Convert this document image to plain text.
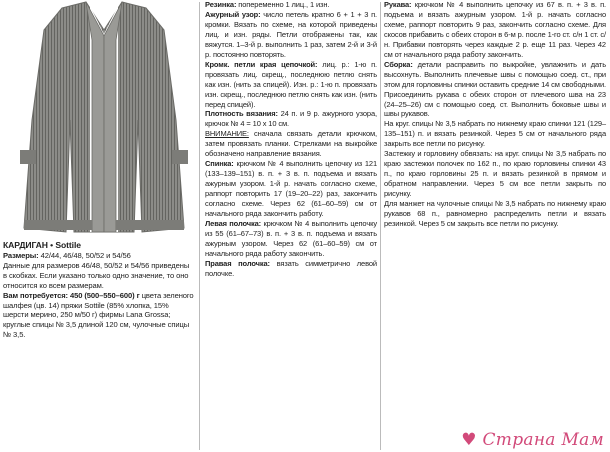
КАРДИГАН • Sottile

Размеры: 42/44, 46/48, 50/52 и 54/56

Данные для размеров 46/48, 50/52 и 54/56 приведены в скобках. Если указано только одно значение, то оно относится ко всем размерам.

Вам потребуется: 450 (500–550–600) г цвета зеленого шалфея (цв. 14) пряжи Sottile (85% хлопка, 15% шерсти мерино, 250 м/50 г) фирмы Lana Grossa; круглые спицы № 3,5 длиной 120 см, чулочные спицы № 3,5.

Резинка: попеременно 1 лиц., 1 изн.

Ажурный узор: число петель кратно 6 + 1 + 3 п. кромки. Вязать по схеме, на которой приведены лиц. и изн. ряды. Петли отображены так, как вяжутся. 1–3-й р. выполнить 1 раз, затем 2-й и 3-й р. постоянно повторять.

Кромк. петли края цепочкой: лиц. р.: 1-ю п. провязать лиц. скрещ., последнюю петлю снять как изн. (нить за спицей). Изн. р.: 1-ю п. провязать изн. скрещ., последнюю петлю снять как изн. (нить перед спицей).

Плотность вязания: 24 п. и 9 р. ажурного узора, крючок № 4 = 10 х 10 см.

ВНИМАНИЕ: сначала связать детали крючком, затем провязать планки. Стрелками на выкройке обозначено направление вязания.

Спинка: крючком № 4 выполнить цепочку из 121 (133–139–151) в. п. + 3 в. п. подъема и вязать ажурным узором. 1-й р. начать согласно схеме, раппорт повторить 17 (19–20–22) раз, закончить согласно схеме. Через 62 (61–60–59) см от начального ряда закончить работу.

Левая полочка: крючком № 4 выполнить цепочку из 55 (61–67–73) в. п. + 3 в. п. подъема и вязать ажурным узором. Через 62 (61–60–59) см от начального ряда работу закончить.

Правая полочка: вязать симметрично левой полочке.

Рукава: крючком № 4 выполнить цепочку из 67 в. п. + 3 в. п. подъема и вязать ажурным узором. 1-й р. начать согласно схеме, раппорт повторить 9 раз, закончить согласно схеме. Для скосов прибавить с обеих сторон в 6-м р. после 1-го ст. с/н 1 ст. с/н. Прибавки повторять через каждые 2 р. еще 11 раз. Через 42 см от начального ряда работу закончить.

Сборка: детали расправить по выкройке, увлажнить и дать высохнуть. Выполнить плечевые швы с помощью соед. ст., при этом для горловины спинки оставить средние 14 см свободными. Присоединить рукава с обеих сторон от плечевого шва на 23 (24–25–26) см с помощью соед. ст. Выполнить боковые швы и швы рукавов.

На круг. спицы № 3,5 набрать по нижнему краю спинки 121 (129–135–151) п. и вязать резинкой. Через 5 см от начального ряда закрыть все петли по рисунку.

Застежку и горловину обвязать: на круг. спицы № 3,5 набрать по краю застежки полочек по 162 п., по краю горловины спинки 43 п., по краю горловины 25 п. и вязать резинкой в прямом и обратном направлении. Через 5 см все петли закрыть по рисунку.

Для манжет на чулочные спицы № 3,5 набрать по нижнему краю рукавов 68 п., равномерно распределить петли и вязать резинкой. Через 5 см закрыть все петли по рисунку.

♥ Страна Мам
